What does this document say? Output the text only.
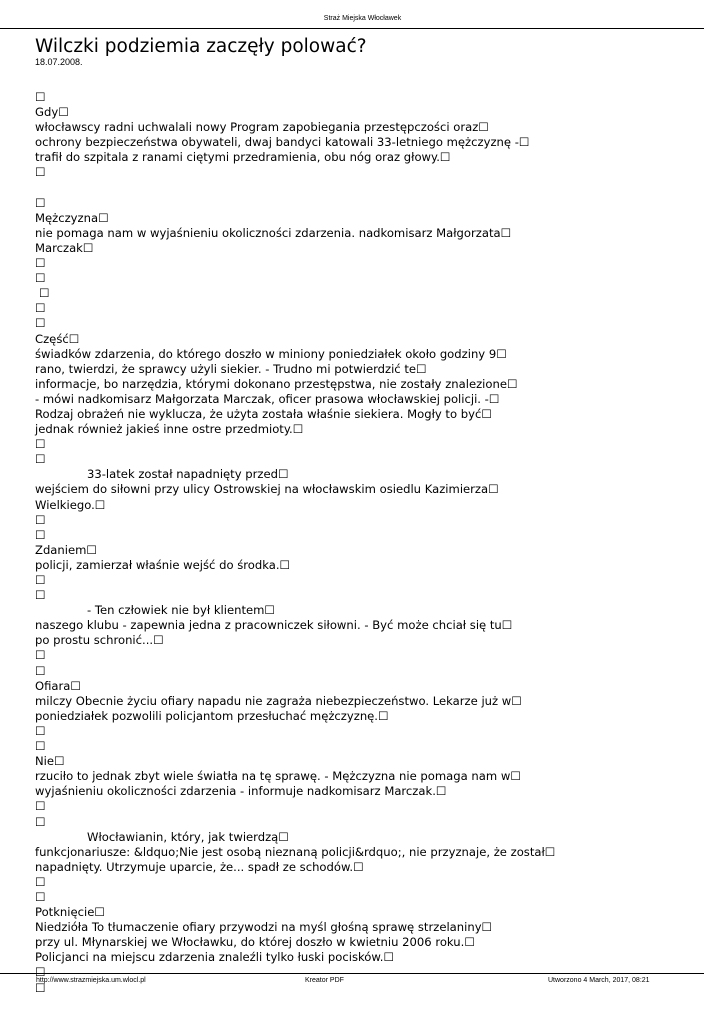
Straż Miejska Włocławek
Wilczki podziemia zaczęły polować?
18.07.2008.
☐
Gdy☐
włocławscy radni uchwalali nowy Program zapobiegania przestępczości oraz☐
ochrony bezpieczeństwa obywateli, dwaj bandyci katowali 33-letniego mężczyznę -☐
trafił do szpitala z ranami ciętymi przedramienia, obu nóg oraz głowy.☐
☐
☐
Mężczyzna☐
nie pomaga nam w wyjaśnieniu okoliczności zdarzenia. nadkomisarz Małgorzata☐
Marczak☐
☐
☐
☐
☐
☐
Część☐
świadków zdarzenia, do którego doszło w miniony poniedziałek około godziny 9☐
rano, twierdzi, że sprawcy użyli siekier. - Trudno mi potwierdzić te☐
informacje, bo narzędzia, którymi dokonano przestępstwa, nie zostały znalezione☐
- mówi nadkomisarz Małgorzata Marczak, oficer prasowa włocławskiej policji. -☐
Rodzaj obrażeń nie wyklucza, że użyta została właśnie siekiera. Mogły to być☐
jednak również jakieś inne ostre przedmioty.☐
☐
☐
33-latek został napadnięty przed☐
wejściem do siłowni przy ulicy Ostrowskiej na włocławskim osiedlu Kazimierza☐
Wielkiego.☐
☐
☐
Zdaniem☐
policji, zamierzał właśnie wejść do środka.☐
☐
☐
- Ten człowiek nie był klientem☐
naszego klubu - zapewnia jedna z pracowniczek siłowni. - Być może chciał się tu☐
po prostu schronić...☐
☐
☐
Ofiara☐
milczy Obecnie życiu ofiary napadu nie zagraża niebezpieczeństwo. Lekarze już w☐
poniedziałek pozwolili policjantom przesłuchać mężczyznę.☐
☐
☐
Nie☐
rzuciło to jednak zbyt wiele światła na tę sprawę. - Mężczyzna nie pomaga nam w☐
wyjaśnieniu okoliczności zdarzenia - informuje nadkomisarz Marczak.☐
☐
☐
Włocławianin, który, jak twierdzą☐
funkcjonariusze: &ldquo;Nie jest osobą nieznaną policji&rdquo;, nie przyznaje, że został☐
napadnięty. Utrzymuje uparcie, że... spadł ze schodów.☐
☐
☐
Potknięcie☐
Niedziółа To tłumaczenie ofiary przywodzi na myśl głośną sprawę strzelaniny☐
przy ul. Młynarskiej we Włocławku, do której doszło w kwietniu 2006 roku.☐
Policjanci na miejscu zdarzenia znaleźli tylko łuski pocisków.☐
☐
http://www.strazmiejska.um.wlocl.pl	Kreator PDF	Utworzono 4 March, 2017, 08:21
